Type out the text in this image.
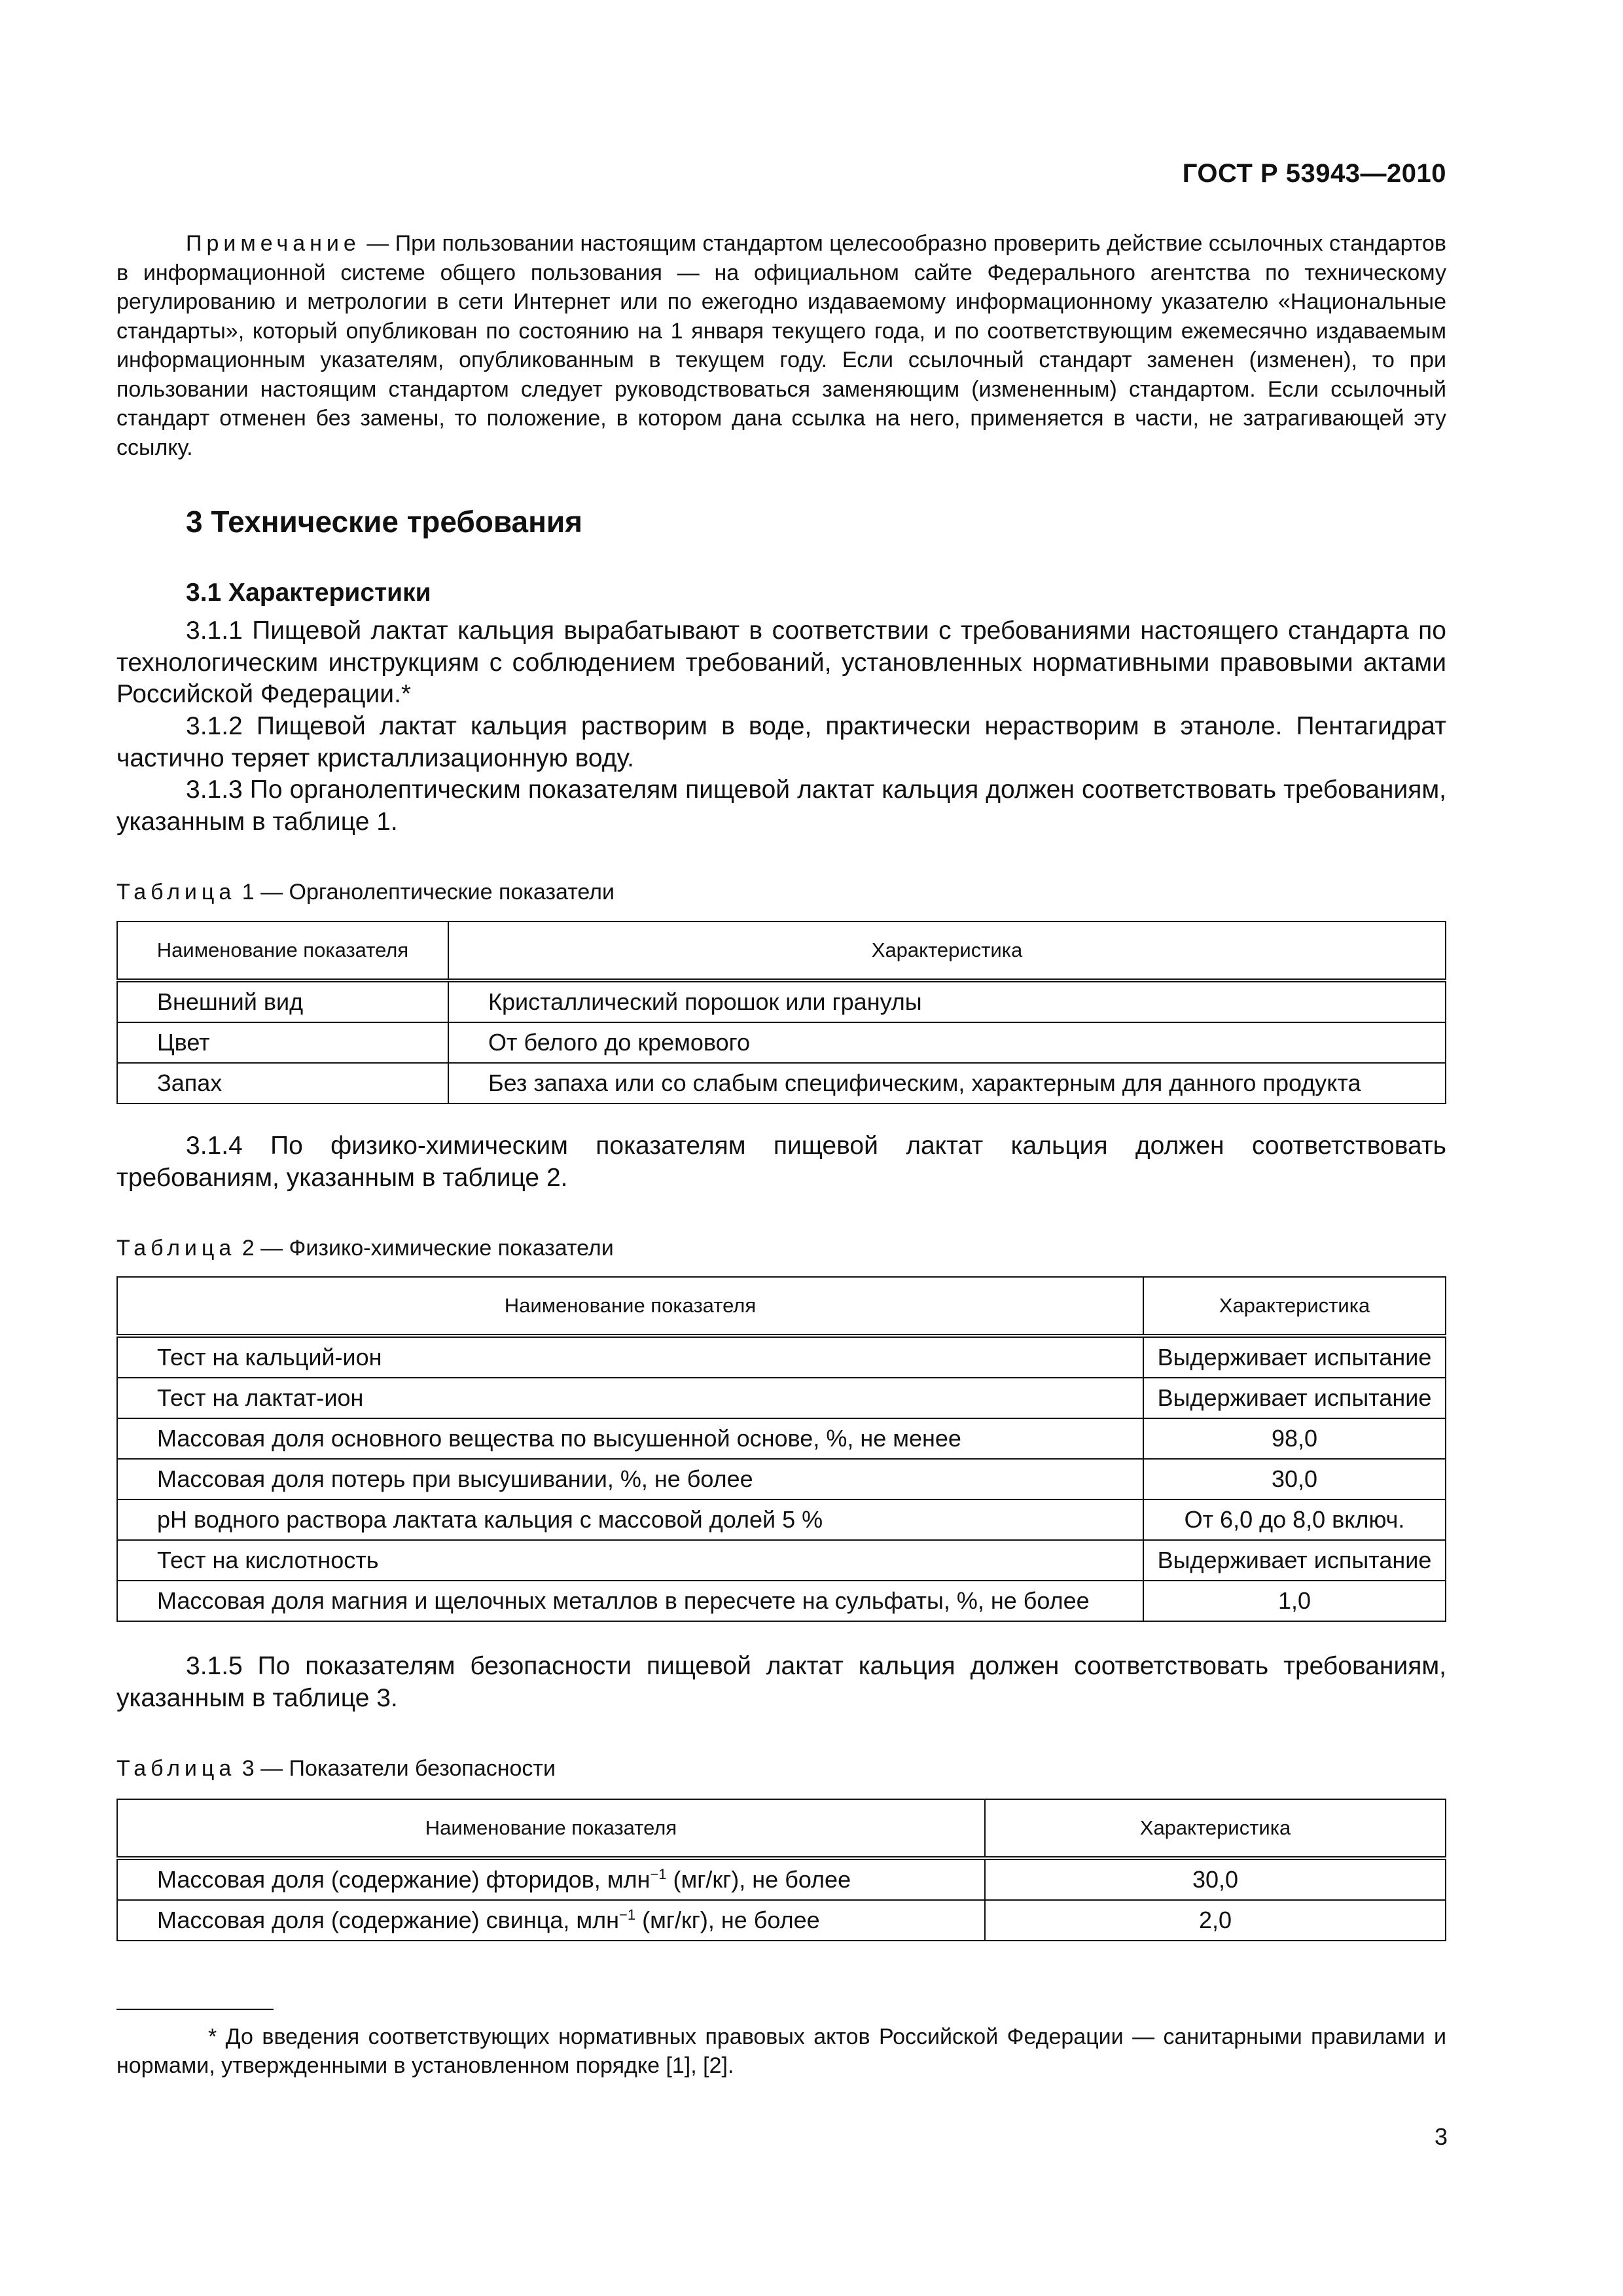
ГОСТ Р 53943—2010

Примечание — При пользовании настоящим стандартом целесообразно проверить действие ссылочных стандартов в информационной системе общего пользования — на официальном сайте Федерального агентства по техническому регулированию и метрологии в сети Интернет или по ежегодно издаваемому информационному указателю «Национальные стандарты», который опубликован по состоянию на 1 января текущего года, и по соответствующим ежемесячно издаваемым информационным указателям, опубликованным в текущем году. Если ссылочный стандарт заменен (изменен), то при пользовании настоящим стандартом следует руководствоваться заменяющим (измененным) стандартом. Если ссылочный стандарт отменен без замены, то положение, в котором дана ссылка на него, применяется в части, не затрагивающей эту ссылку.

3 Технические требования
3.1 Характеристики

3.1.1 Пищевой лактат кальция вырабатывают в соответствии с требованиями настоящего стандарта по технологическим инструкциям с соблюдением требований, установленных нормативными правовыми актами Российской Федерации.*

3.1.2 Пищевой лактат кальция растворим в воде, практически нерастворим в этаноле. Пентагидрат частично теряет кристаллизационную воду.

3.1.3 По органолептическим показателям пищевой лактат кальция должен соответствовать требованиям, указанным в таблице 1.

Таблица 1 — Органолептические показатели
Наименование показателя	Характеристика
Внешний вид	Кристаллический порошок или гранулы
Цвет	От белого до кремового
Запах	Без запаха или со слабым специфическим, характерным для данного продукта

3.1.4 По физико-химическим показателям пищевой лактат кальция должен соответствовать требованиям, указанным в таблице 2.

Таблица 2 — Физико-химические показатели
Наименование показателя	Характеристика
Тест на кальций-ион	Выдерживает испытание
Тест на лактат-ион	Выдерживает испытание
Массовая доля основного вещества по высушенной основе, %, не менее	98,0
Массовая доля потерь при высушивании, %, не более	30,0
pH водного раствора лактата кальция с массовой долей 5 %	От 6,0 до 8,0 включ.
Тест на кислотность	Выдерживает испытание
Массовая доля магния и щелочных металлов в пересчете на сульфаты, %, не более	1,0

3.1.5 По показателям безопасности пищевой лактат кальция должен соответствовать требованиям, указанным в таблице 3.

Таблица 3 — Показатели безопасности
Наименование показателя	Характеристика
Массовая доля (содержание) фторидов, млн$^{-1}$ (мг/кг), не более	30,0
Массовая доля (содержание) свинца, млн$^{-1}$ (мг/кг), не более	2,0

* До введения соответствующих нормативных правовых актов Российской Федерации — санитарными правилами и нормами, утвержденными в установленном порядке [1], [2].

3
